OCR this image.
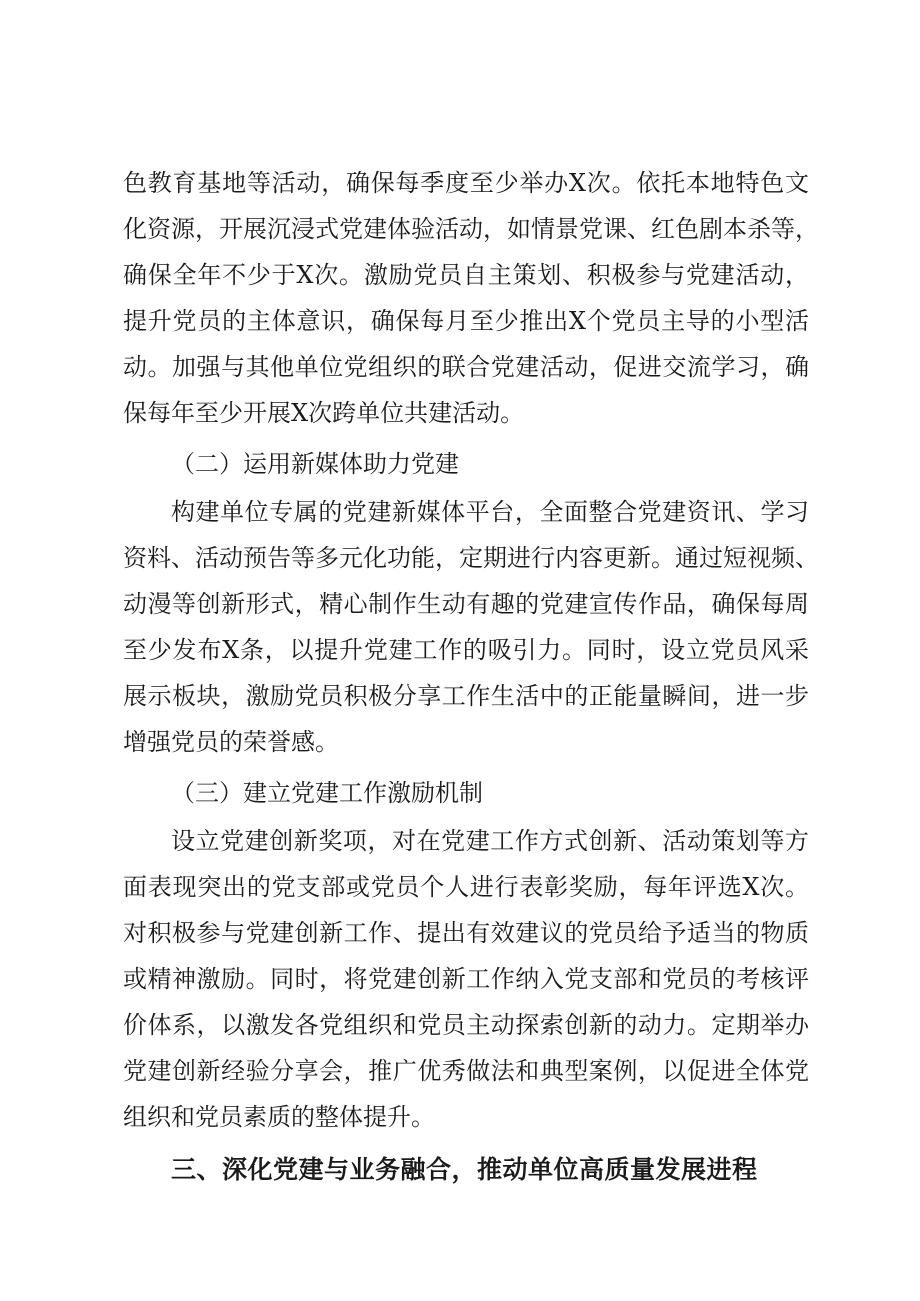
色教育基地等活动，确保每季度至少举办X次。依托本地特色文
化资源，开展沉浸式党建体验活动，如情景党课、红色剧本杀等，
确保全年不少于X次。激励党员自主策划、积极参与党建活动，
提升党员的主体意识，确保每月至少推出X个党员主导的小型活
动。加强与其他单位党组织的联合党建活动，促进交流学习，确
保每年至少开展X次跨单位共建活动。
（二）运用新媒体助力党建
构建单位专属的党建新媒体平台，全面整合党建资讯、学习
资料、活动预告等多元化功能，定期进行内容更新。通过短视频、
动漫等创新形式，精心制作生动有趣的党建宣传作品，确保每周
至少发布X条，以提升党建工作的吸引力。同时，设立党员风采
展示板块，激励党员积极分享工作生活中的正能量瞬间，进一步
增强党员的荣誉感。
（三）建立党建工作激励机制
设立党建创新奖项，对在党建工作方式创新、活动策划等方
面表现突出的党支部或党员个人进行表彰奖励，每年评选X次。
对积极参与党建创新工作、提出有效建议的党员给予适当的物质
或精神激励。同时，将党建创新工作纳入党支部和党员的考核评
价体系，以激发各党组织和党员主动探索创新的动力。定期举办
党建创新经验分享会，推广优秀做法和典型案例，以促进全体党
组织和党员素质的整体提升。
三、深化党建与业务融合，推动单位高质量发展进程
